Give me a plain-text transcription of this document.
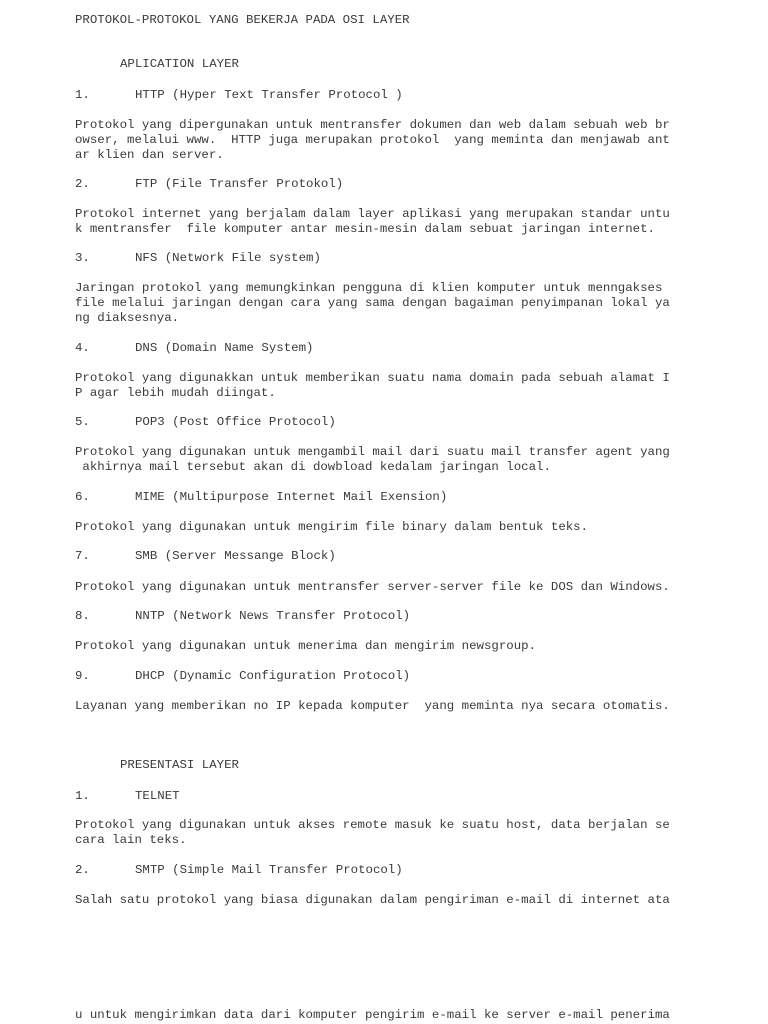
PROTOKOL-PROTOKOL YANG BEKERJA PADA OSI LAYER

APLICATION LAYER

1.	HTTP (Hyper Text Transfer Protocol )

Protokol yang dipergunakan untuk mentransfer dokumen dan web dalam sebuah web br

owser, melalui www.  HTTP juga merupakan protokol  yang meminta dan menjawab ant

ar klien dan server.

2.	FTP (File Transfer Protokol)

Protokol internet yang berjalam dalam layer aplikasi yang merupakan standar untu

k mentransfer  file komputer antar mesin-mesin dalam sebuat jaringan internet.

3.	NFS (Network File system)

Jaringan protokol yang memungkinkan pengguna di klien komputer untuk menngakses

file melalui jaringan dengan cara yang sama dengan bagaiman penyimpanan lokal ya

ng diaksesnya.

4.	DNS (Domain Name System)

Protokol yang digunakkan untuk memberikan suatu nama domain pada sebuah alamat I

P agar lebih mudah diingat.

5.	POP3 (Post Office Protocol)

Protokol yang digunakan untuk mengambil mail dari suatu mail transfer agent yang

akhirnya mail tersebut akan di dowbload kedalam jaringan local.

6.	MIME (Multipurpose Internet Mail Exension)

Protokol yang digunakan untuk mengirim file binary dalam bentuk teks.

7.	SMB (Server Messange Block)

Protokol yang digunakan untuk mentransfer server-server file ke DOS dan Windows.

8.	NNTP (Network News Transfer Protocol)

Protokol yang digunakan untuk menerima dan mengirim newsgroup.

9.	DHCP (Dynamic Configuration Protocol)

Layanan yang memberikan no IP kepada komputer  yang meminta nya secara otomatis.

PRESENTASI LAYER

1.	TELNET

Protokol yang digunakan untuk akses remote masuk ke suatu host, data berjalan se

cara lain teks.

2.	SMTP (Simple Mail Transfer Protocol)

Salah satu protokol yang biasa digunakan dalam pengiriman e-mail di internet ata

u untuk mengirimkan data dari komputer pengirim e-mail ke server e-mail penerima
